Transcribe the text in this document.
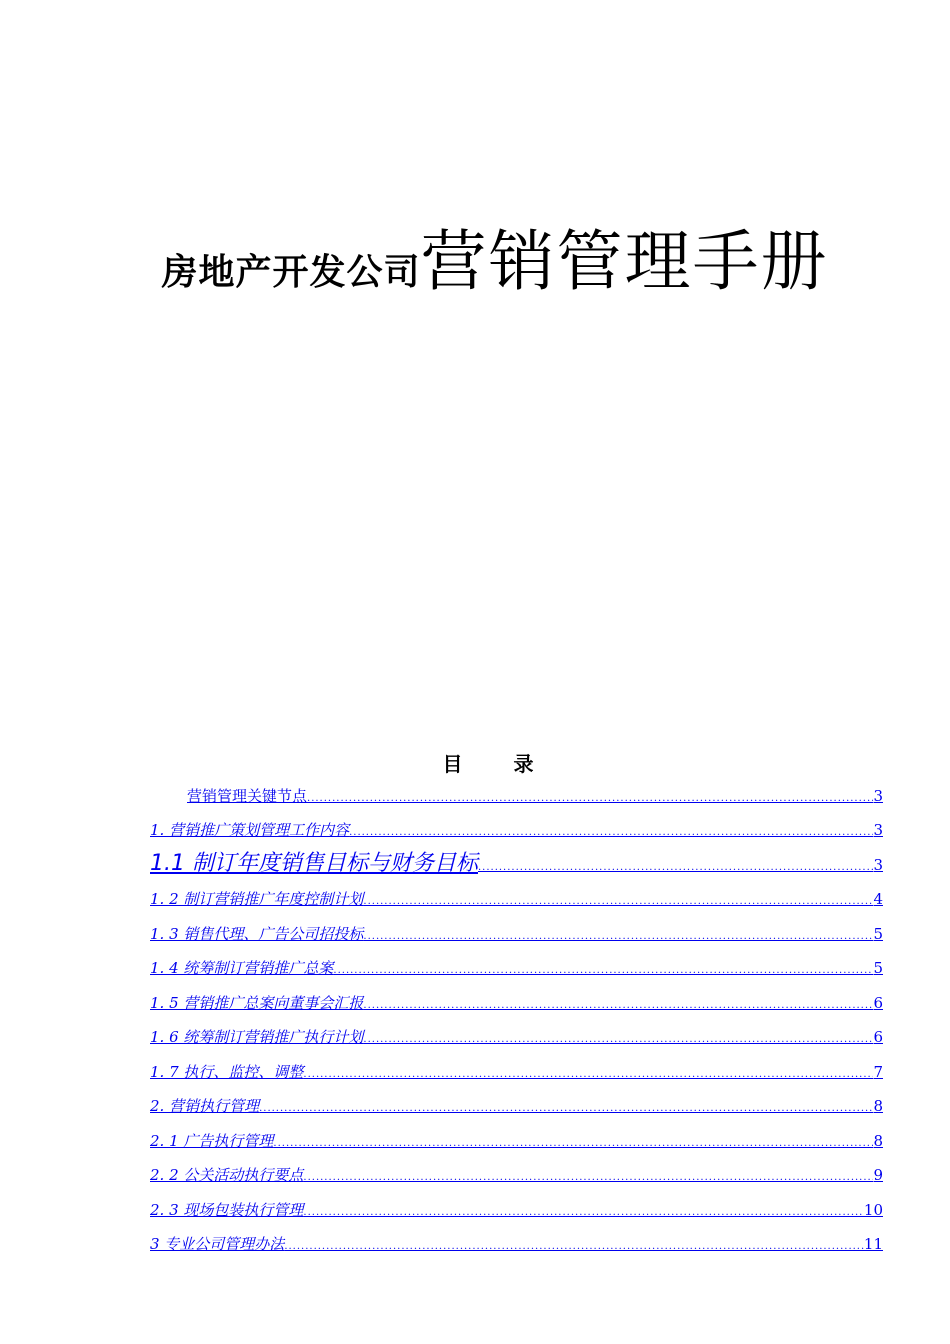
房地产开发公司营销管理手册
目 录
营销管理关键节点 .....	3
1. 营销推广策划管理工作内容 .....	3
1.1 制订年度销售目标与财务目标 .....	3
1. 2 制订营销推广年度控制计划 .....	4
1. 3 销售代理、广告公司招投标 .....	5
1. 4 统筹制订营销推广总案 .....	5
1. 5 营销推广总案向董事会汇报 .....	6
1. 6 统筹制订营销推广执行计划 .....	6
1. 7 执行、监控、调整 .....	7
2. 营销执行管理 .....	8
2. 1 广告执行管理 .....	8
2. 2 公关活动执行要点 .....	9
2. 3 现场包装执行管理 .....	10
3 专业公司管理办法 .....	11
